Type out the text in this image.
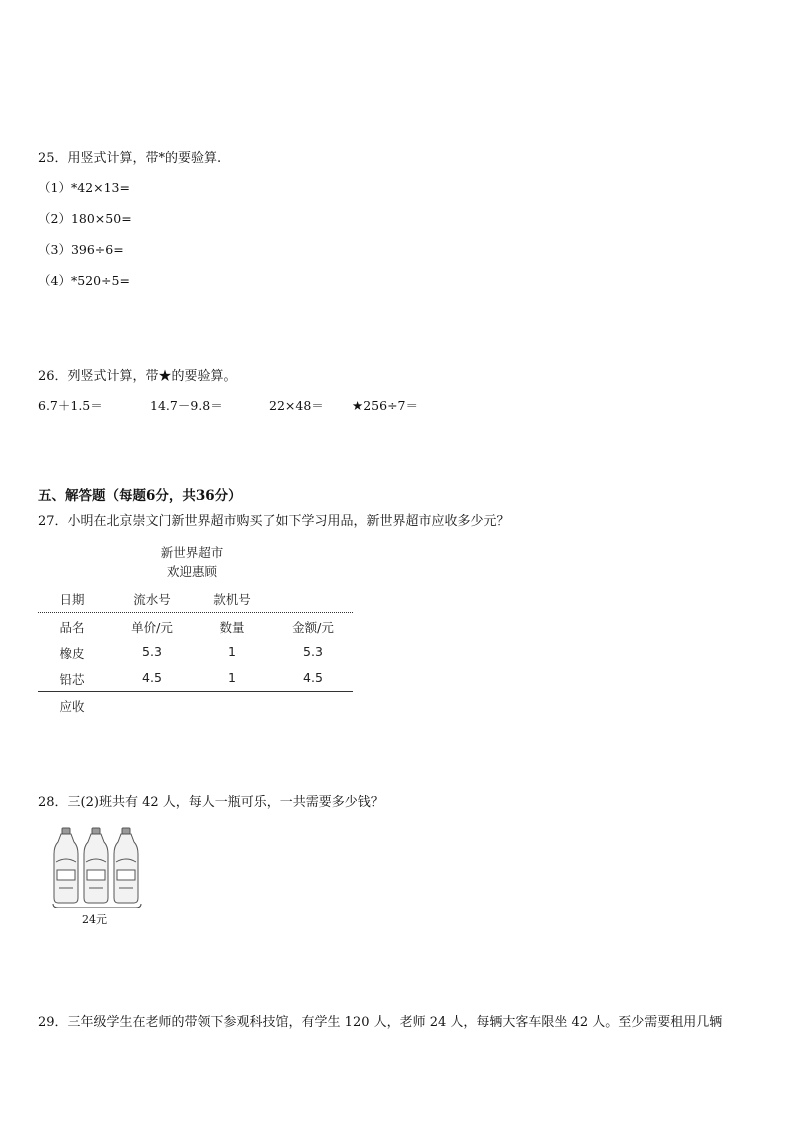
25．用竖式计算，带*的要验算.
（1）*42×13=
（2）180×50=
（3）396÷6=
（4）*520÷5=
26．列竖式计算，带★的要验算。
6.7＋1.5＝	14.7－9.8＝	22×48＝ ★256÷7＝
五、解答题（每题6分，共36分）
27．小明在北京崇文门新世界超市购买了如下学习用品，新世界超市应收多少元？
新世界超市
欢迎惠顾
日期	流水号	款机号
品名	单价/元	数量	金额/元
橡皮	5.3	1	5.3
铅芯	4.5	1	4.5
应收
28．三(2)班共有 42 人，每人一瓶可乐，一共需要多少钱？
24元
29．三年级学生在老师的带领下参观科技馆，有学生 120 人，老师 24 人，每辆大客车限坐 42 人。至少需要租用几辆
